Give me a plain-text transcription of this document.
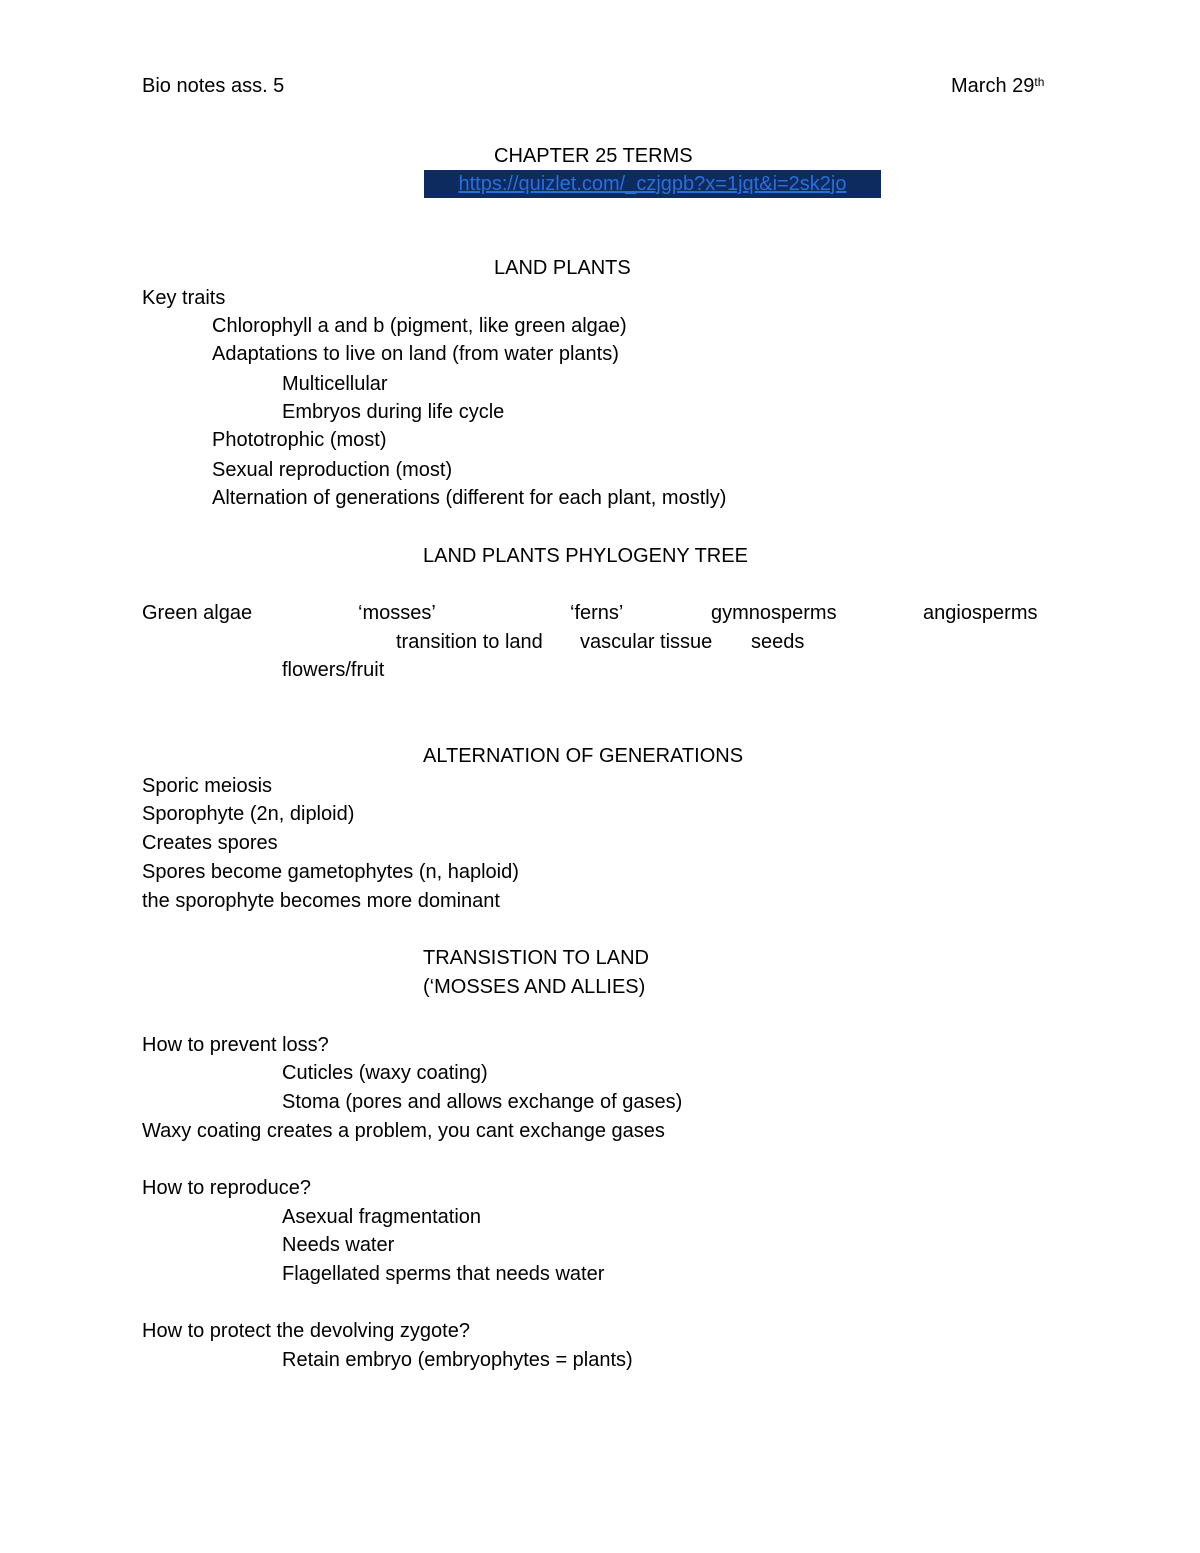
Bio notes ass. 5	March 29th
CHAPTER 25 TERMS
https://quizlet.com/_czjgpb?x=1jqt&i=2sk2jo
LAND PLANTS
Key traits
Chlorophyll a and b (pigment, like green algae)
Adaptations to live on land (from water plants)
Multicellular
Embryos during life cycle
Phototrophic (most)
Sexual reproduction (most)
Alternation of generations (different for each plant, mostly)
LAND PLANTS PHYLOGENY TREE
Green algae	‘mosses’	‘ferns’	gymnosperms	angiosperms
transition to land vascular tissue seeds
flowers/fruit
ALTERNATION OF GENERATIONS
Sporic meiosis
Sporophyte (2n, diploid)
Creates spores
Spores become gametophytes (n, haploid)
the sporophyte becomes more dominant
TRANSISTION TO LAND
(‘MOSSES AND ALLIES)
How to prevent loss?
Cuticles (waxy coating)
Stoma (pores and allows exchange of gases)
Waxy coating creates a problem, you cant exchange gases
How to reproduce?
Asexual fragmentation
Needs water
Flagellated sperms that needs water
How to protect the devolving zygote?
Retain embryo (embryophytes = plants)
